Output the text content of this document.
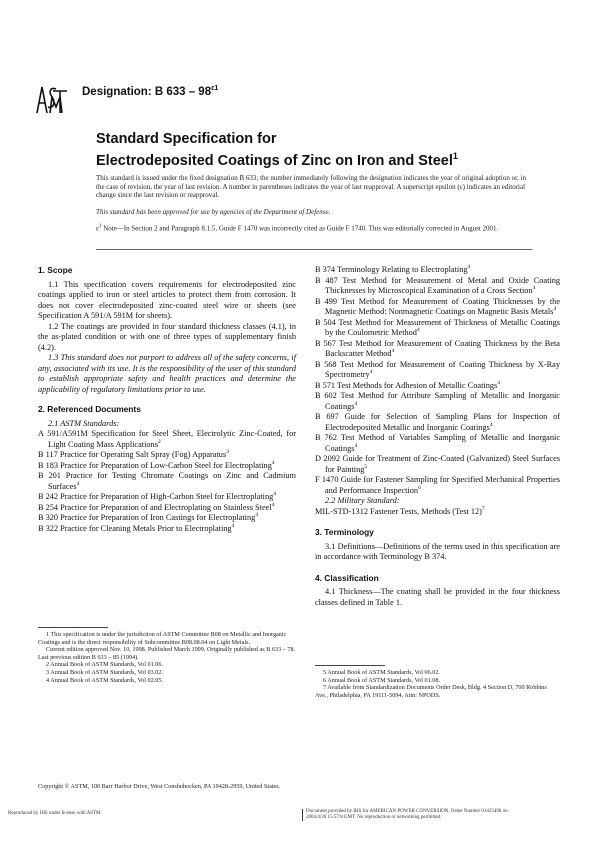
Designation: B $633 - 98^{\varepsilon 1}$
Standard Specification for
Electrodeposited Coatings of Zinc on Iron and Steel$^1$
This standard is issued under the fixed designation B 633; the number immediately following the designation indicates the year of original adoption or, in the case of revision, the year of last revision. A number in parentheses indicates the year of last reapproval. A superscript epsilon (ε) indicates an editorial change since the last revision or reapproval.
This standard has been approved for use by agencies of the Department of Defense.
$\varepsilon^1$ Note—In Section 2 and Paragraph 8.1.5, Guide F 1470 was incorrectly cited as Guide F 1740. This was editorially corrected in August 2001.

1. Scope

1.1 This specification covers requirements for electrodeposited zinc coatings applied to iron or steel articles to protect them from corrosion. It does not cover electrodeposited zinc-coated steel wire or sheets (see Specification A 591/A 591M for sheets).

1.2 The coatings are provided in four standard thickness classes (4.1), in the as-plated condition or with one of three types of supplementary finish (4.2).

1.3 This standard does not purport to address all of the safety concerns, if any, associated with its use. It is the responsibility of the user of this standard to establish appropriate safety and health practices and determine the applicability of regulatory limitations prior to use.

2. Referenced Documents

2.1 ASTM Standards:

A 591/A591M Specification for Steel Sheet, Electrolytic Zinc-Coated, for Light Coating Mass Applications$^2$

B 117 Practice for Operating Salt Spray (Fog) Apparatus$^3$

B 183 Practice for Preparation of Low-Carbon Steel for Electroplating$^4$

B 201 Practice for Testing Chromate Coatings on Zinc and Cadmium Surfaces$^4$

B 242 Practice for Preparation of High-Carbon Steel for Electroplating$^4$

B 254 Practice for Preparation of and Electroplating on Stainless Steel$^4$

B 320 Practice for Preparation of Iron Castings for Electroplating$^4$

B 322 Practice for Cleaning Metals Prior to Electroplating$^4$

B 374 Terminology Relating to Electroplating$^4$

B 487 Test Method for Measurement of Metal and Oxide Coating Thicknesses by Microscopical Examination of a Cross Section$^4$

B 499 Test Method for Measurement of Coating Thicknesses by the Magnetic Method: Nonmagnetic Coatings on Magnetic Basis Metals$^4$

B 504 Test Method for Measurement of Thickness of Metallic Coatings by the Coulometric Method$^4$

B 567 Test Method for Measurement of Coating Thickness by the Beta Backscatter Method$^4$

B 568 Test Method for Measurement of Coating Thickness by X-Ray Spectrometry$^4$

B 571 Test Methods for Adhesion of Metallic Coatings$^4$

B 602 Test Method for Attribute Sampling of Metallic and Inorganic Coatings$^4$

B 697 Guide for Selection of Sampling Plans for Inspection of Electrodeposited Metallic and Inorganic Coatings$^4$

B 762 Test Method of Variables Sampling of Metallic and Inorganic Coatings$^4$

D 2092 Guide for Treatment of Zinc-Coated (Galvanized) Steel Surfaces for Painting$^5$

F 1470 Guide for Fastener Sampling for Specified Mechanical Properties and Performance Inspection$^6$

2.2 Military Standard:

MIL-STD-1312 Fastener Tests, Methods (Test 12)$^7$

3. Terminology

3.1 Definitions—Definitions of the terms used in this specification are in accordance with Terminology B 374.

4. Classification

4.1 Thickness—The coating shall be provided in the four thickness classes defined in Table 1.

1 This specification is under the jurisdiction of ASTM Committee B08 on Metallic and Inorganic Coatings and is the direct responsibility of Subcommittee B08.08.04 on Light Metals.
Current edition approved Nov. 10, 1998. Published March 1999. Originally published as B 633 – 78. Last previous edition B 633 – 85 (1994).
2 Annual Book of ASTM Standards, Vol 01.06.
3 Annual Book of ASTM Standards, Vol 03.02.
4 Annual Book of ASTM Standards, Vol 02.05.
5 Annual Book of ASTM Standards, Vol 06.02.
6 Annual Book of ASTM Standards, Vol 01.08.
7 Available from Standardization Documents Order Desk, Bldg. 4 Section D, 700 Robbins Ave., Philadelphia, PA 19111-5094, Attn: NPODS.
Copyright © ASTM, 100 Barr Harbor Drive, West Conshohocken, PA 19428-2959, United States.
Reproduced by IHS under license with ASTM	Document provided by IHS for AMERICAN POWER CONVERSION, Order Number 01425498 on
2004/4/26 15:57:8 GMT. No reproduction or networking permitted.
